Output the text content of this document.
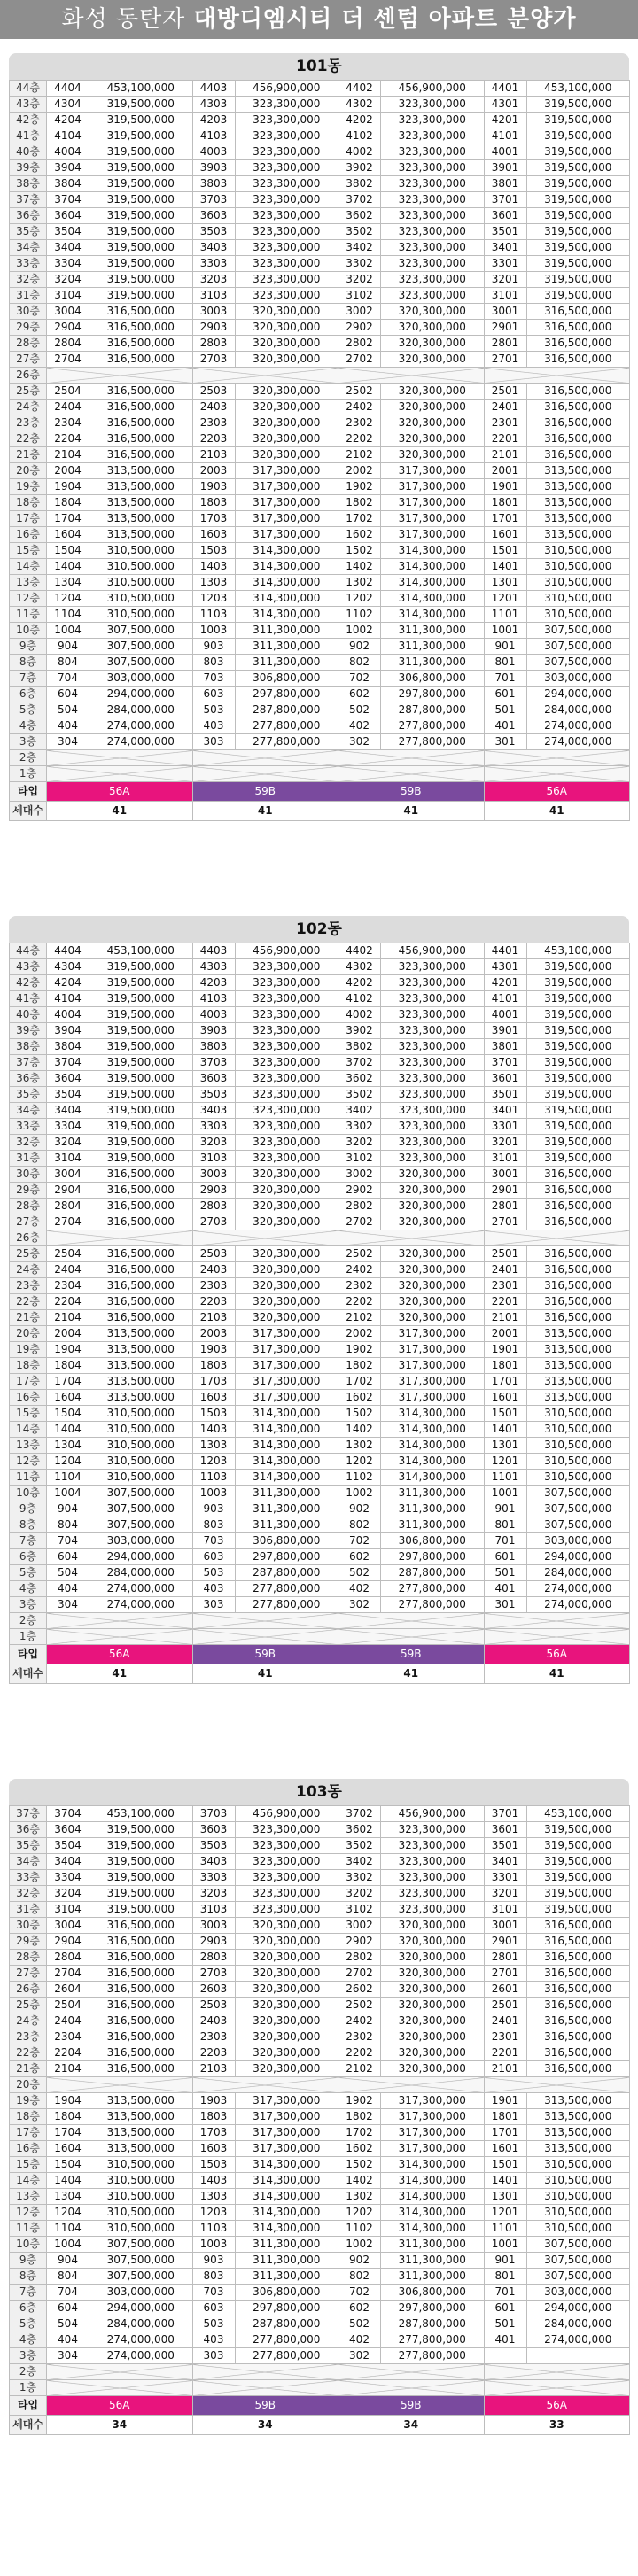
화성 동탄자 대방디엠시티 더 센텀 아파트 분양가
101동
44층	4404	453,100,000	4403	456,900,000	4402	456,900,000	4401	453,100,000
43층	4304	319,500,000	4303	323,300,000	4302	323,300,000	4301	319,500,000
42층	4204	319,500,000	4203	323,300,000	4202	323,300,000	4201	319,500,000
41층	4104	319,500,000	4103	323,300,000	4102	323,300,000	4101	319,500,000
40층	4004	319,500,000	4003	323,300,000	4002	323,300,000	4001	319,500,000
39층	3904	319,500,000	3903	323,300,000	3902	323,300,000	3901	319,500,000
38층	3804	319,500,000	3803	323,300,000	3802	323,300,000	3801	319,500,000
37층	3704	319,500,000	3703	323,300,000	3702	323,300,000	3701	319,500,000
36층	3604	319,500,000	3603	323,300,000	3602	323,300,000	3601	319,500,000
35층	3504	319,500,000	3503	323,300,000	3502	323,300,000	3501	319,500,000
34층	3404	319,500,000	3403	323,300,000	3402	323,300,000	3401	319,500,000
33층	3304	319,500,000	3303	323,300,000	3302	323,300,000	3301	319,500,000
32층	3204	319,500,000	3203	323,300,000	3202	323,300,000	3201	319,500,000
31층	3104	319,500,000	3103	323,300,000	3102	323,300,000	3101	319,500,000
30층	3004	316,500,000	3003	320,300,000	3002	320,300,000	3001	316,500,000
29층	2904	316,500,000	2903	320,300,000	2902	320,300,000	2901	316,500,000
28층	2804	316,500,000	2803	320,300,000	2802	320,300,000	2801	316,500,000
27층	2704	316,500,000	2703	320,300,000	2702	320,300,000	2701	316,500,000
26층								
25층	2504	316,500,000	2503	320,300,000	2502	320,300,000	2501	316,500,000
24층	2404	316,500,000	2403	320,300,000	2402	320,300,000	2401	316,500,000
23층	2304	316,500,000	2303	320,300,000	2302	320,300,000	2301	316,500,000
22층	2204	316,500,000	2203	320,300,000	2202	320,300,000	2201	316,500,000
21층	2104	316,500,000	2103	320,300,000	2102	320,300,000	2101	316,500,000
20층	2004	313,500,000	2003	317,300,000	2002	317,300,000	2001	313,500,000
19층	1904	313,500,000	1903	317,300,000	1902	317,300,000	1901	313,500,000
18층	1804	313,500,000	1803	317,300,000	1802	317,300,000	1801	313,500,000
17층	1704	313,500,000	1703	317,300,000	1702	317,300,000	1701	313,500,000
16층	1604	313,500,000	1603	317,300,000	1602	317,300,000	1601	313,500,000
15층	1504	310,500,000	1503	314,300,000	1502	314,300,000	1501	310,500,000
14층	1404	310,500,000	1403	314,300,000	1402	314,300,000	1401	310,500,000
13층	1304	310,500,000	1303	314,300,000	1302	314,300,000	1301	310,500,000
12층	1204	310,500,000	1203	314,300,000	1202	314,300,000	1201	310,500,000
11층	1104	310,500,000	1103	314,300,000	1102	314,300,000	1101	310,500,000
10층	1004	307,500,000	1003	311,300,000	1002	311,300,000	1001	307,500,000
9층	904	307,500,000	903	311,300,000	902	311,300,000	901	307,500,000
8층	804	307,500,000	803	311,300,000	802	311,300,000	801	307,500,000
7층	704	303,000,000	703	306,800,000	702	306,800,000	701	303,000,000
6층	604	294,000,000	603	297,800,000	602	297,800,000	601	294,000,000
5층	504	284,000,000	503	287,800,000	502	287,800,000	501	284,000,000
4층	404	274,000,000	403	277,800,000	402	277,800,000	401	274,000,000
3층	304	274,000,000	303	277,800,000	302	277,800,000	301	274,000,000
2층								
1층								
타입	56A		59B		59B		56A	
세대수	41		41		41		41	
102동
44층	4404	453,100,000	4403	456,900,000	4402	456,900,000	4401	453,100,000
43층	4304	319,500,000	4303	323,300,000	4302	323,300,000	4301	319,500,000
42층	4204	319,500,000	4203	323,300,000	4202	323,300,000	4201	319,500,000
41층	4104	319,500,000	4103	323,300,000	4102	323,300,000	4101	319,500,000
40층	4004	319,500,000	4003	323,300,000	4002	323,300,000	4001	319,500,000
39층	3904	319,500,000	3903	323,300,000	3902	323,300,000	3901	319,500,000
38층	3804	319,500,000	3803	323,300,000	3802	323,300,000	3801	319,500,000
37층	3704	319,500,000	3703	323,300,000	3702	323,300,000	3701	319,500,000
36층	3604	319,500,000	3603	323,300,000	3602	323,300,000	3601	319,500,000
35층	3504	319,500,000	3503	323,300,000	3502	323,300,000	3501	319,500,000
34층	3404	319,500,000	3403	323,300,000	3402	323,300,000	3401	319,500,000
33층	3304	319,500,000	3303	323,300,000	3302	323,300,000	3301	319,500,000
32층	3204	319,500,000	3203	323,300,000	3202	323,300,000	3201	319,500,000
31층	3104	319,500,000	3103	323,300,000	3102	323,300,000	3101	319,500,000
30층	3004	316,500,000	3003	320,300,000	3002	320,300,000	3001	316,500,000
29층	2904	316,500,000	2903	320,300,000	2902	320,300,000	2901	316,500,000
28층	2804	316,500,000	2803	320,300,000	2802	320,300,000	2801	316,500,000
27층	2704	316,500,000	2703	320,300,000	2702	320,300,000	2701	316,500,000
26층								
25층	2504	316,500,000	2503	320,300,000	2502	320,300,000	2501	316,500,000
24층	2404	316,500,000	2403	320,300,000	2402	320,300,000	2401	316,500,000
23층	2304	316,500,000	2303	320,300,000	2302	320,300,000	2301	316,500,000
22층	2204	316,500,000	2203	320,300,000	2202	320,300,000	2201	316,500,000
21층	2104	316,500,000	2103	320,300,000	2102	320,300,000	2101	316,500,000
20층	2004	313,500,000	2003	317,300,000	2002	317,300,000	2001	313,500,000
19층	1904	313,500,000	1903	317,300,000	1902	317,300,000	1901	313,500,000
18층	1804	313,500,000	1803	317,300,000	1802	317,300,000	1801	313,500,000
17층	1704	313,500,000	1703	317,300,000	1702	317,300,000	1701	313,500,000
16층	1604	313,500,000	1603	317,300,000	1602	317,300,000	1601	313,500,000
15층	1504	310,500,000	1503	314,300,000	1502	314,300,000	1501	310,500,000
14층	1404	310,500,000	1403	314,300,000	1402	314,300,000	1401	310,500,000
13층	1304	310,500,000	1303	314,300,000	1302	314,300,000	1301	310,500,000
12층	1204	310,500,000	1203	314,300,000	1202	314,300,000	1201	310,500,000
11층	1104	310,500,000	1103	314,300,000	1102	314,300,000	1101	310,500,000
10층	1004	307,500,000	1003	311,300,000	1002	311,300,000	1001	307,500,000
9층	904	307,500,000	903	311,300,000	902	311,300,000	901	307,500,000
8층	804	307,500,000	803	311,300,000	802	311,300,000	801	307,500,000
7층	704	303,000,000	703	306,800,000	702	306,800,000	701	303,000,000
6층	604	294,000,000	603	297,800,000	602	297,800,000	601	294,000,000
5층	504	284,000,000	503	287,800,000	502	287,800,000	501	284,000,000
4층	404	274,000,000	403	277,800,000	402	277,800,000	401	274,000,000
3층	304	274,000,000	303	277,800,000	302	277,800,000	301	274,000,000
2층								
1층								
타입	56A		59B		59B		56A	
세대수	41		41		41		41	
103동
37층	3704	453,100,000	3703	456,900,000	3702	456,900,000	3701	453,100,000
36층	3604	319,500,000	3603	323,300,000	3602	323,300,000	3601	319,500,000
35층	3504	319,500,000	3503	323,300,000	3502	323,300,000	3501	319,500,000
34층	3404	319,500,000	3403	323,300,000	3402	323,300,000	3401	319,500,000
33층	3304	319,500,000	3303	323,300,000	3302	323,300,000	3301	319,500,000
32층	3204	319,500,000	3203	323,300,000	3202	323,300,000	3201	319,500,000
31층	3104	319,500,000	3103	323,300,000	3102	323,300,000	3101	319,500,000
30층	3004	316,500,000	3003	320,300,000	3002	320,300,000	3001	316,500,000
29층	2904	316,500,000	2903	320,300,000	2902	320,300,000	2901	316,500,000
28층	2804	316,500,000	2803	320,300,000	2802	320,300,000	2801	316,500,000
27층	2704	316,500,000	2703	320,300,000	2702	320,300,000	2701	316,500,000
26층	2604	316,500,000	2603	320,300,000	2602	320,300,000	2601	316,500,000
25층	2504	316,500,000	2503	320,300,000	2502	320,300,000	2501	316,500,000
24층	2404	316,500,000	2403	320,300,000	2402	320,300,000	2401	316,500,000
23층	2304	316,500,000	2303	320,300,000	2302	320,300,000	2301	316,500,000
22층	2204	316,500,000	2203	320,300,000	2202	320,300,000	2201	316,500,000
21층	2104	316,500,000	2103	320,300,000	2102	320,300,000	2101	316,500,000
20층								
19층	1904	313,500,000	1903	317,300,000	1902	317,300,000	1901	313,500,000
18층	1804	313,500,000	1803	317,300,000	1802	317,300,000	1801	313,500,000
17층	1704	313,500,000	1703	317,300,000	1702	317,300,000	1701	313,500,000
16층	1604	313,500,000	1603	317,300,000	1602	317,300,000	1601	313,500,000
15층	1504	310,500,000	1503	314,300,000	1502	314,300,000	1501	310,500,000
14층	1404	310,500,000	1403	314,300,000	1402	314,300,000	1401	310,500,000
13층	1304	310,500,000	1303	314,300,000	1302	314,300,000	1301	310,500,000
12층	1204	310,500,000	1203	314,300,000	1202	314,300,000	1201	310,500,000
11층	1104	310,500,000	1103	314,300,000	1102	314,300,000	1101	310,500,000
10층	1004	307,500,000	1003	311,300,000	1002	311,300,000	1001	307,500,000
9층	904	307,500,000	903	311,300,000	902	311,300,000	901	307,500,000
8층	804	307,500,000	803	311,300,000	802	311,300,000	801	307,500,000
7층	704	303,000,000	703	306,800,000	702	306,800,000	701	303,000,000
6층	604	294,000,000	603	297,800,000	602	297,800,000	601	294,000,000
5층	504	284,000,000	503	287,800,000	502	287,800,000	501	284,000,000
4층	404	274,000,000	403	277,800,000	402	277,800,000	401	274,000,000
3층	304	274,000,000	303	277,800,000	302	277,800,000		
2층								
1층								
타입	56A		59B		59B		56A	
세대수	34		34		34		33	
